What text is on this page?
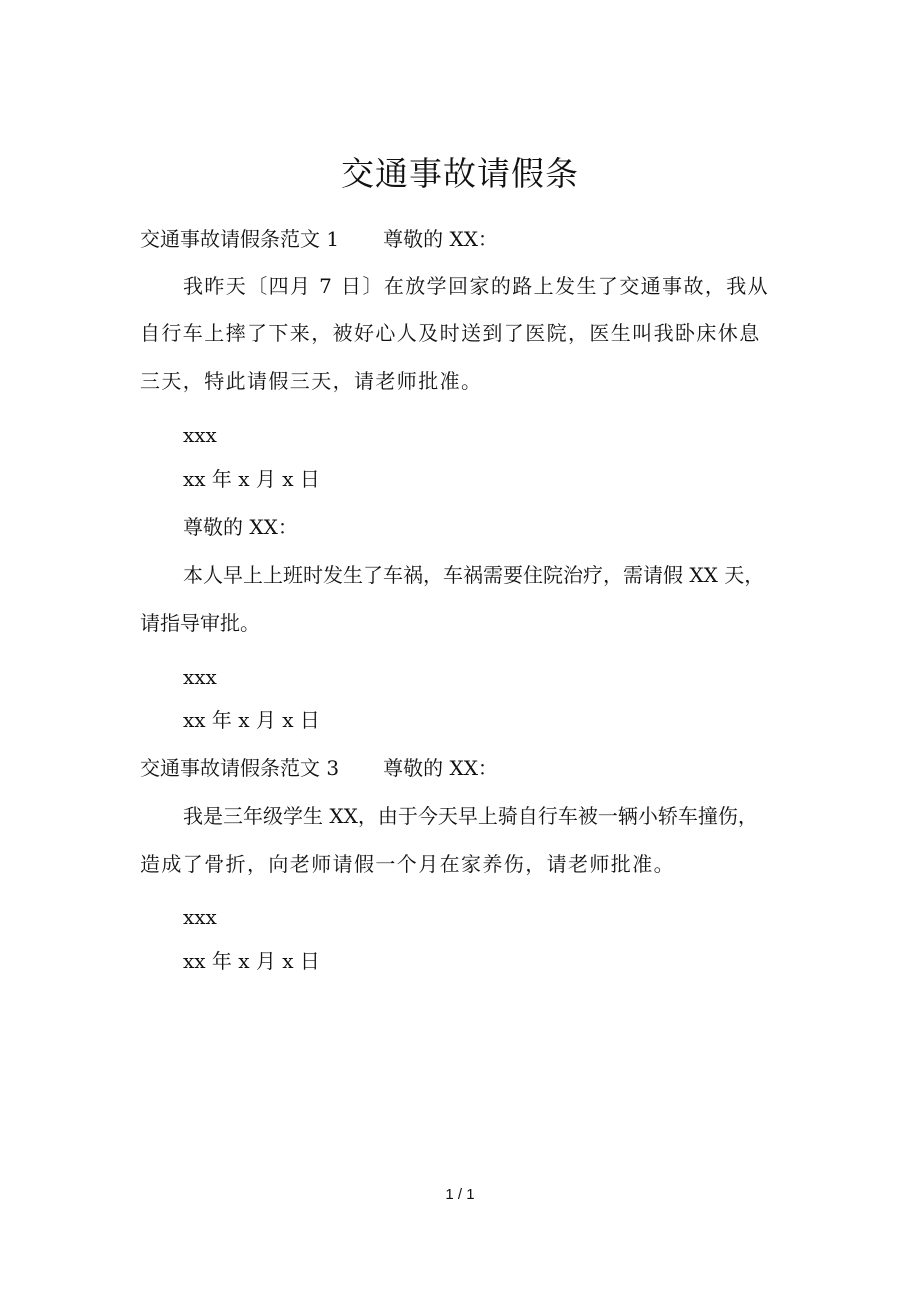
交通事故请假条
交通事故请假条范文 1 尊敬的 XX：
我昨天〔四月 7 日〕在放学回家的路上发生了交通事故，我从
自行车上摔了下来，被好心人及时送到了医院，医生叫我卧床休息
三天，特此请假三天，请老师批准。
xxx
xx 年 x 月 x 日
尊敬的 XX：
本人早上上班时发生了车祸，车祸需要住院治疗，需请假 XX 天，
请指导审批。
xxx
xx 年 x 月 x 日
交通事故请假条范文 3 尊敬的 XX：
我是三年级学生 XX，由于今天早上骑自行车被一辆小轿车撞伤，
造成了骨折，向老师请假一个月在家养伤，请老师批准。
xxx
xx 年 x 月 x 日
1 / 1
